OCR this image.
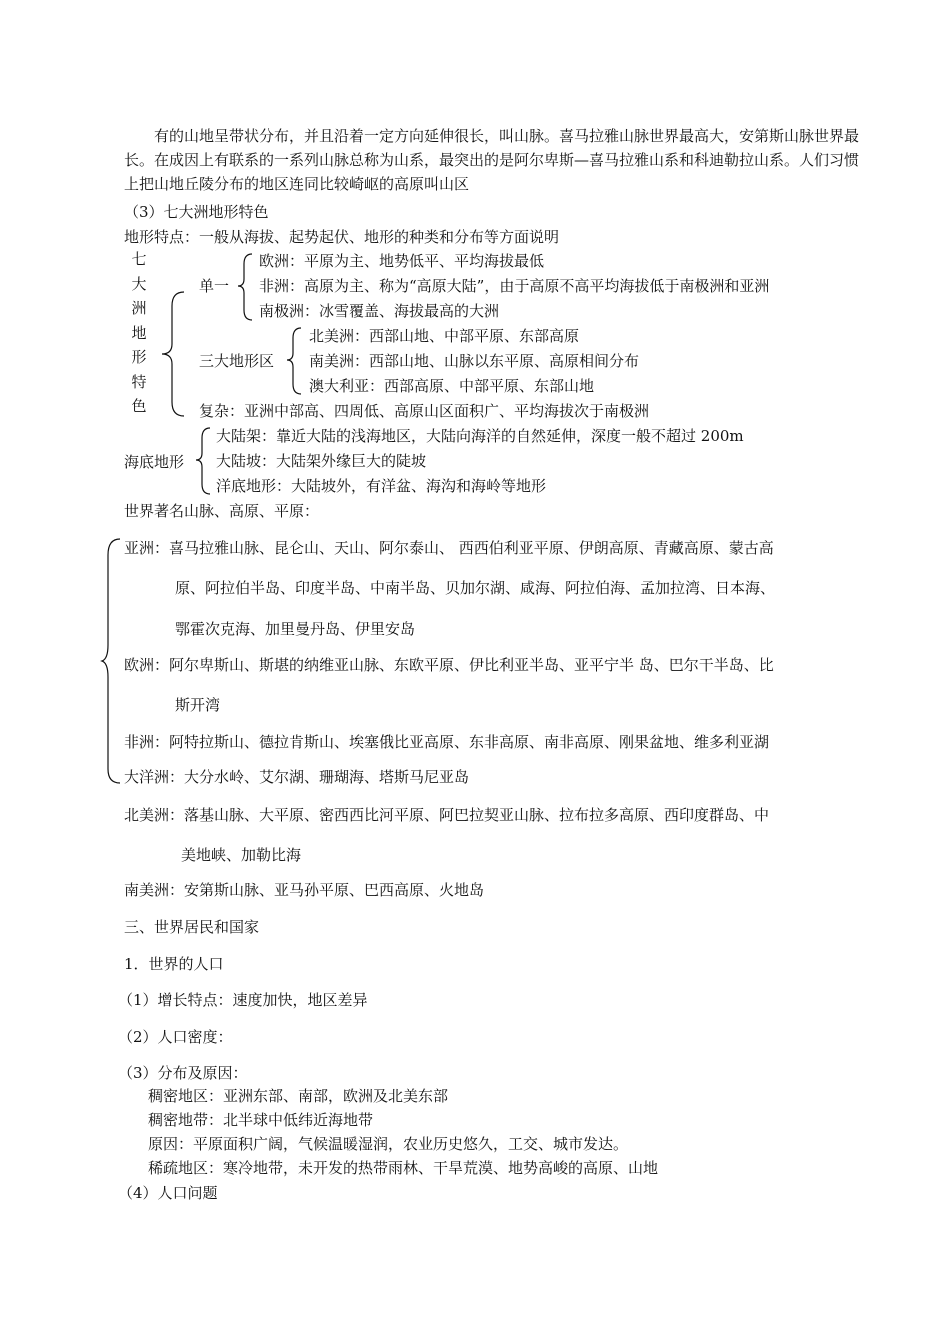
有的山地呈带状分布，并且沿着一定方向延伸很长，叫山脉。喜马拉雅山脉世界最高大，安第斯山脉世界最长。在成因上有联系的一系列山脉总称为山系，最突出的是阿尔卑斯—喜马拉雅山系和科迪勒拉山系。人们习惯上把山地丘陵分布的地区连同比较崎岖的高原叫山区
（3）七大洲地形特色
地形特点：一般从海拔、起势起伏、地形的种类和分布等方面说明
七大洲地形特色
单一
欧洲：平原为主、地势低平、平均海拔最低
非洲：高原为主、称为“高原大陆”，由于高原不高平均海拔低于南极洲和亚洲
南极洲：冰雪覆盖、海拔最高的大洲
三大地形区
北美洲：西部山地、中部平原、东部高原
南美洲：西部山地、山脉以东平原、高原相间分布
澳大利亚：西部高原、中部平原、东部山地
复杂：亚洲中部高、四周低、高原山区面积广、平均海拔次于南极洲
海底地形
大陆架：靠近大陆的浅海地区，大陆向海洋的自然延伸，深度一般不超过 200m
大陆坡：大陆架外缘巨大的陡坡
洋底地形：大陆坡外，有洋盆、海沟和海岭等地形
世界著名山脉、高原、平原：
亚洲：喜马拉雅山脉、昆仑山、天山、阿尔泰山、 西西伯利亚平原、伊朗高原、青藏高原、蒙古高
原、阿拉伯半岛、印度半岛、中南半岛、贝加尔湖、咸海、阿拉伯海、孟加拉湾、日本海、
鄂霍次克海、加里曼丹岛、伊里安岛
欧洲：阿尔卑斯山、斯堪的纳维亚山脉、东欧平原、伊比利亚半岛、亚平宁半 岛、巴尔干半岛、比
斯开湾
非洲：阿特拉斯山、德拉肯斯山、埃塞俄比亚高原、东非高原、南非高原、刚果盆地、维多利亚湖
大洋洲：大分水岭、艾尔湖、珊瑚海、塔斯马尼亚岛
北美洲：落基山脉、大平原、密西西比河平原、阿巴拉契亚山脉、拉布拉多高原、西印度群岛、中
美地峡、加勒比海
南美洲：安第斯山脉、亚马孙平原、巴西高原、火地岛
三、世界居民和国家
1．世界的人口
（1）增长特点：速度加快，地区差异
（2）人口密度：
（3）分布及原因：
稠密地区：亚洲东部、南部，欧洲及北美东部
稠密地带：北半球中低纬近海地带
原因：平原面积广阔，气候温暖湿润，农业历史悠久，工交、城市发达。
稀疏地区：寒冷地带，未开发的热带雨林、干旱荒漠、地势高峻的高原、山地
（4）人口问题
